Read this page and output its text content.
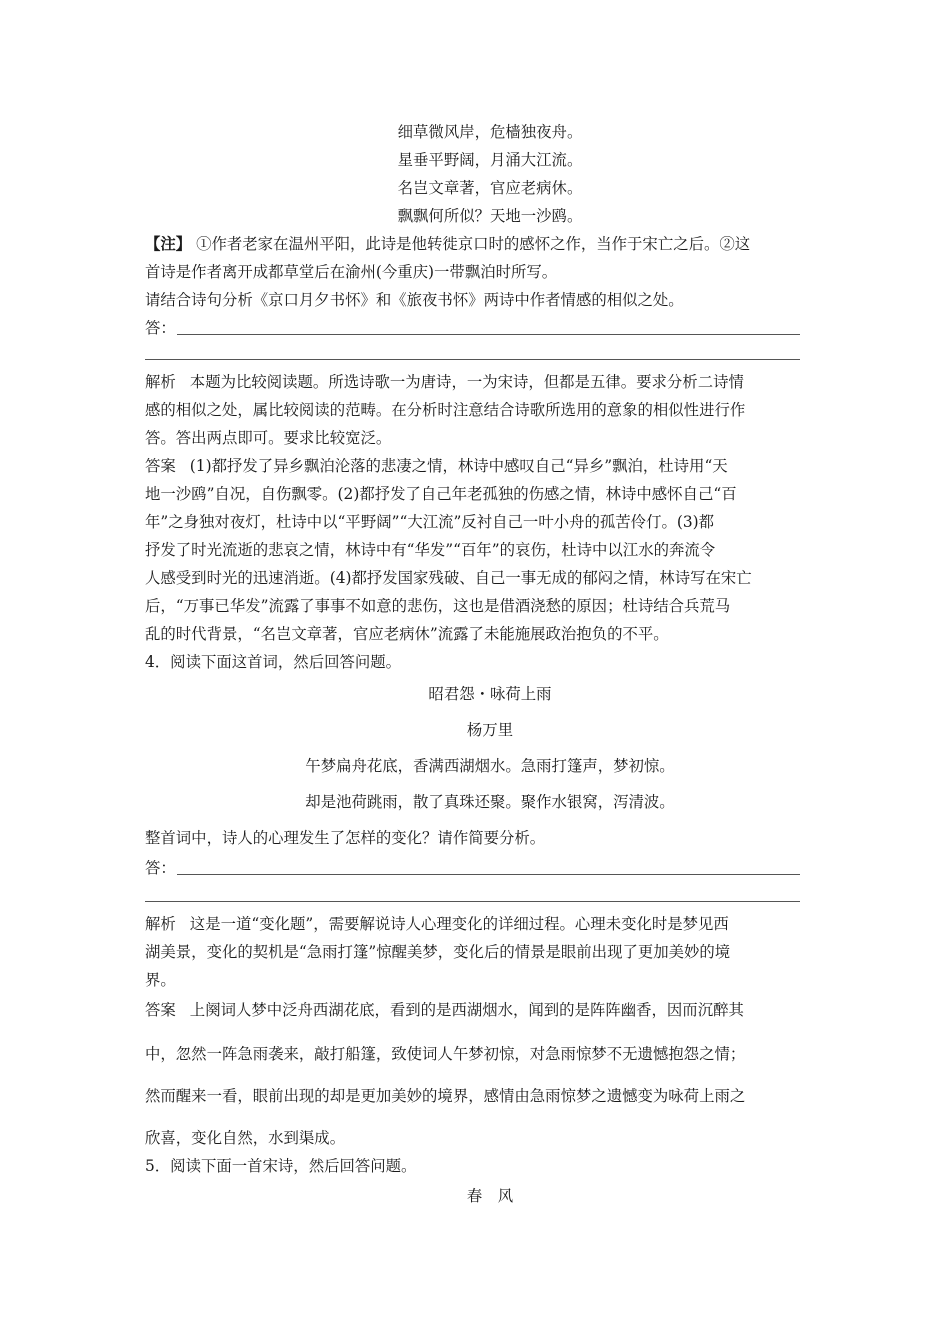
细草微风岸，危樯独夜舟。
星垂平野阔，月涌大江流。
名岂文章著，官应老病休。
飘飘何所似？天地一沙鸥。
【注】 ①作者老家在温州平阳，此诗是他转徙京口时的感怀之作，当作于宋亡之后。②这
首诗是作者离开成都草堂后在渝州(今重庆)一带飘泊时所写。
请结合诗句分析《京口月夕书怀》和《旅夜书怀》两诗中作者情感的相似之处。
答：
解析 本题为比较阅读题。所选诗歌一为唐诗，一为宋诗，但都是五律。要求分析二诗情
感的相似之处，属比较阅读的范畴。在分析时注意结合诗歌所选用的意象的相似性进行作
答。答出两点即可。要求比较宽泛。
答案 (1)都抒发了异乡飘泊沦落的悲凄之情，林诗中感叹自己“异乡”飘泊，杜诗用“天
地一沙鸥”自况，自伤飘零。(2)都抒发了自己年老孤独的伤感之情，林诗中感怀自己“百
年”之身独对夜灯，杜诗中以“平野阔”“大江流”反衬自己一叶小舟的孤苦伶仃。(3)都
抒发了时光流逝的悲哀之情，林诗中有“华发”“百年”的哀伤，杜诗中以江水的奔流令
人感受到时光的迅速消逝。(4)都抒发国家残破、自己一事无成的郁闷之情，林诗写在宋亡
后，“万事已华发”流露了事事不如意的悲伤，这也是借酒浇愁的原因；杜诗结合兵荒马
乱的时代背景，“名岂文章著，官应老病休”流露了未能施展政治抱负的不平。
4．阅读下面这首词，然后回答问题。
昭君怨・咏荷上雨
杨万里
午梦扁舟花底，香满西湖烟水。急雨打篷声，梦初惊。
却是池荷跳雨，散了真珠还聚。聚作水银窝，泻清波。
整首词中，诗人的心理发生了怎样的变化？请作简要分析。
答：
解析 这是一道“变化题”，需要解说诗人心理变化的详细过程。心理未变化时是梦见西
湖美景，变化的契机是“急雨打篷”惊醒美梦，变化后的情景是眼前出现了更加美妙的境
界。
答案 上阕词人梦中泛舟西湖花底，看到的是西湖烟水，闻到的是阵阵幽香，因而沉醉其
中，忽然一阵急雨袭来，敲打船篷，致使词人午梦初惊，对急雨惊梦不无遗憾抱怨之情；
然而醒来一看，眼前出现的却是更加美妙的境界，感情由急雨惊梦之遗憾变为咏荷上雨之
欣喜，变化自然，水到渠成。
5．阅读下面一首宋诗，然后回答问题。
春　风
